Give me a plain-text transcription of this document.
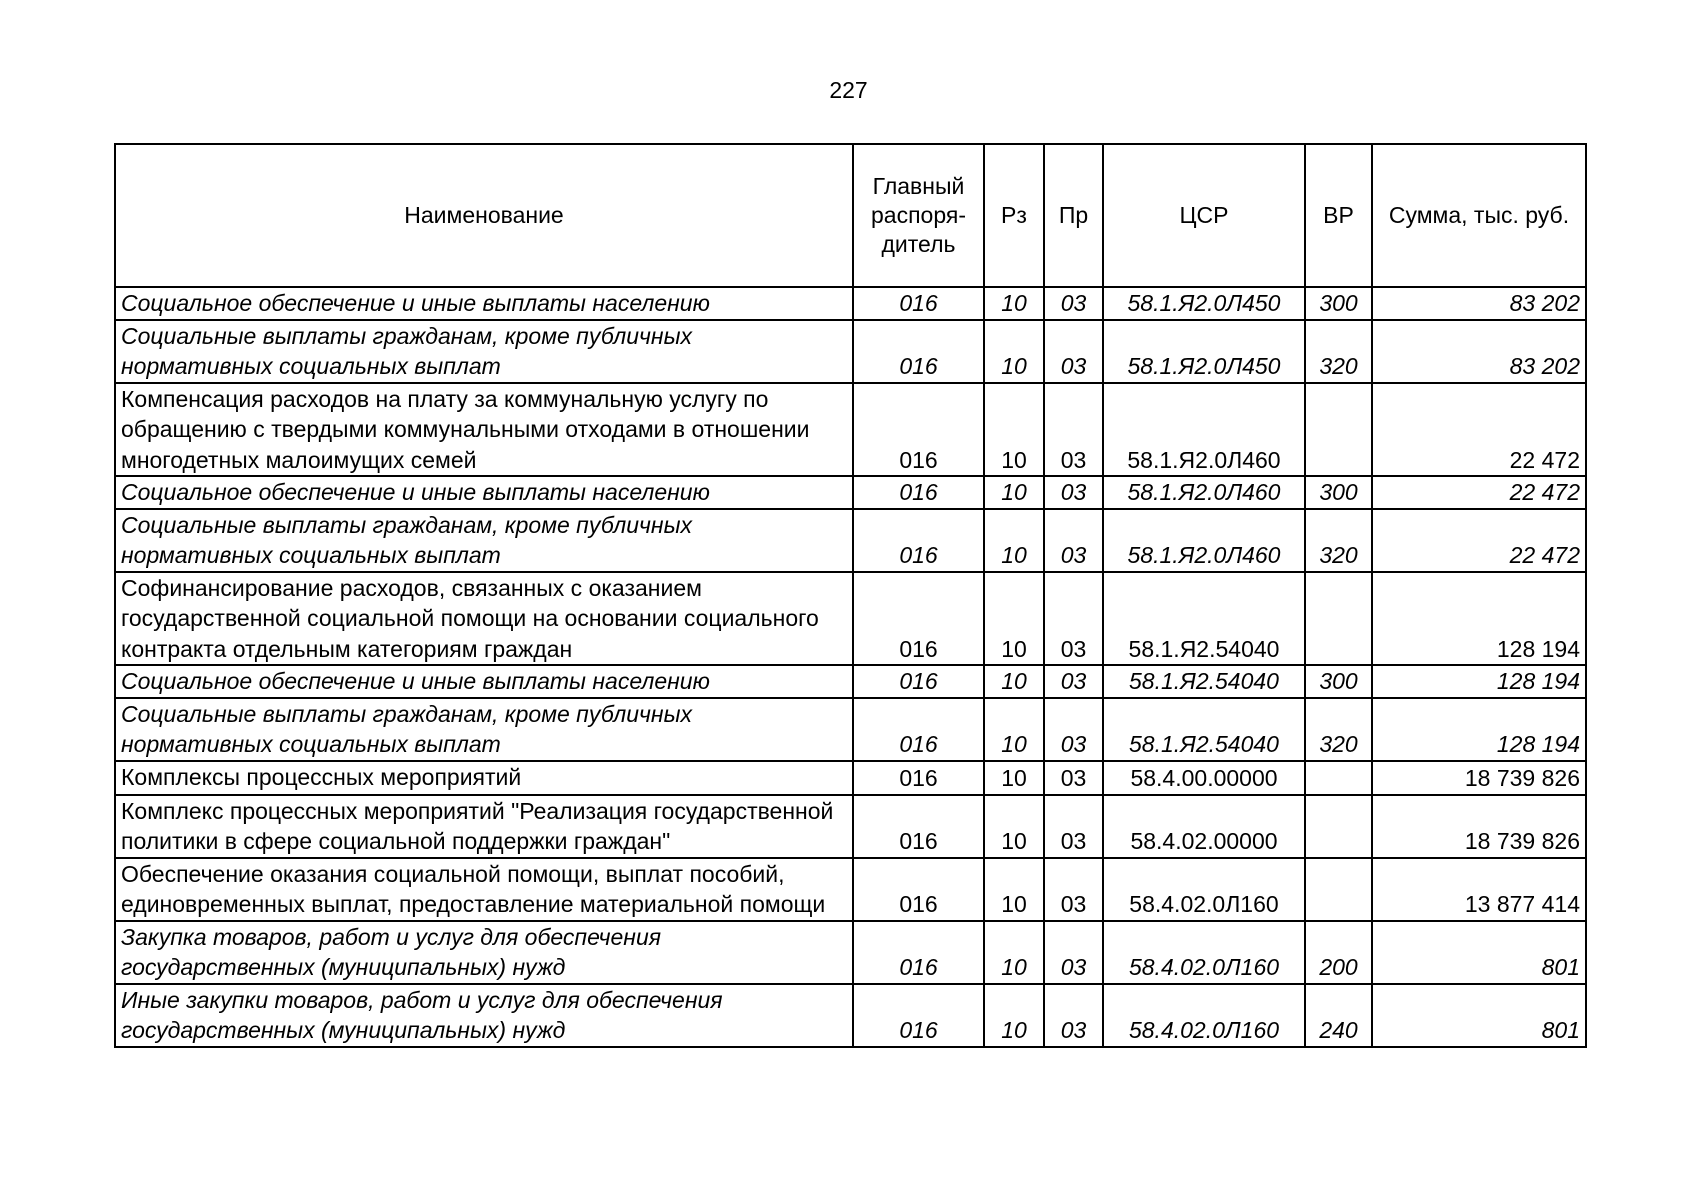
227
Наименование	Главный распоря-дитель	Рз	Пр	ЦСР	ВР	Сумма, тыс. руб.
Социальное обеспечение и иные выплаты населению	016	10	03	58.1.Я2.0Л450	300	83 202
Социальные выплаты гражданам, кроме публичных нормативных социальных выплат	016	10	03	58.1.Я2.0Л450	320	83 202
Компенсация расходов на плату за коммунальную услугу по обращению с твердыми коммунальными отходами в отношении многодетных малоимущих семей	016	10	03	58.1.Я2.0Л460		22 472
Социальное обеспечение и иные выплаты населению	016	10	03	58.1.Я2.0Л460	300	22 472
Социальные выплаты гражданам, кроме публичных нормативных социальных выплат	016	10	03	58.1.Я2.0Л460	320	22 472
Софинансирование расходов, связанных с оказанием государственной социальной помощи на основании социального контракта отдельным категориям граждан	016	10	03	58.1.Я2.54040		128 194
Социальное обеспечение и иные выплаты населению	016	10	03	58.1.Я2.54040	300	128 194
Социальные выплаты гражданам, кроме публичных нормативных социальных выплат	016	10	03	58.1.Я2.54040	320	128 194
Комплексы процессных мероприятий	016	10	03	58.4.00.00000		18 739 826
Комплекс процессных мероприятий "Реализация государственной политики в сфере социальной поддержки граждан"	016	10	03	58.4.02.00000		18 739 826
Обеспечение оказания социальной помощи, выплат пособий, единовременных выплат, предоставление материальной помощи	016	10	03	58.4.02.0Л160		13 877 414
Закупка товаров, работ и услуг для обеспечения государственных (муниципальных) нужд	016	10	03	58.4.02.0Л160	200	801
Иные закупки товаров, работ и услуг для обеспечения государственных (муниципальных) нужд	016	10	03	58.4.02.0Л160	240	801
